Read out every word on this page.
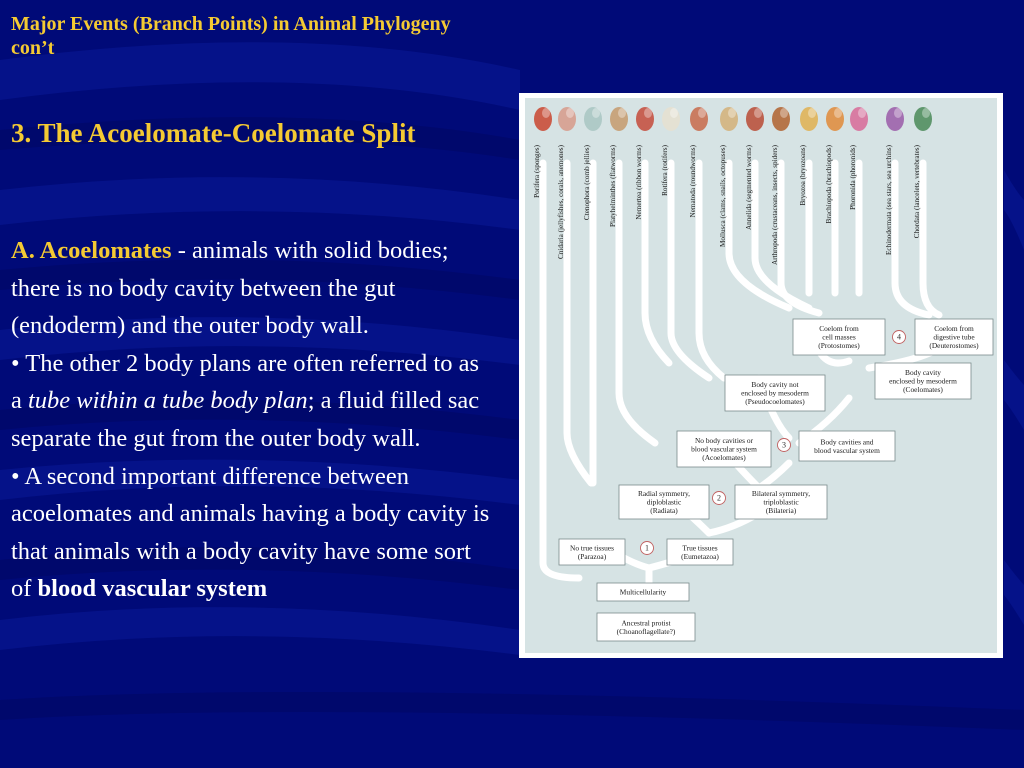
Major Events (Branch Points) in Animal Phylogeny con’t
3. The Acoelomate-Coelomate Split
A. Acoelomates - animals with solid bodies; there is no body cavity between the gut (endoderm) and the outer body wall.
• The other 2 body plans are often referred to as a tube within a tube body plan; a fluid filled sac separate the gut from the outer body wall.
• A second important difference between acoelomates and animals having a body cavity is that animals with a body cavity have some sort of blood vascular system
Porifera (sponges) Cnidaria (jellyfishes, corals, anemones)	Ctenophora (comb jellies)	Platyhelminthes (flatworms)	Nemertea (ribbon worms)	Rotifera (rotifers)	Nematoda (roundworms)	Mollusca (clams, snails, octopuses)	Annelida (segmented worms)	Arthropoda (crustaceans, insects, spiders)	Bryozoa (bryozoans)	Brachiopoda (brachiopods) Phoronida (phoronids)	Echinodermata (sea stars, sea urchins)	Chordata (lancelets, vertebrates)
Coelom from
cell masses
(Protostomes)
Coelom from
digestive tube
(Deuterostomes)
Body cavity
enclosed by mesoderm
(Coelomates)
Body cavity not
enclosed by mesoderm
(Pseudocoelomates)
No body cavities or
blood vascular system
(Acoelomates)
Body cavities and
blood vascular system
Radial symmetry,
diploblastic
(Radiata)
Bilateral symmetry,
triploblastic
(Bilateria)
No true tissues
(Parazoa)
True tissues
(Eumetazoa)
Multicellularity
Ancestral protist
(Choanoflagellate?)
1
2
3
4
